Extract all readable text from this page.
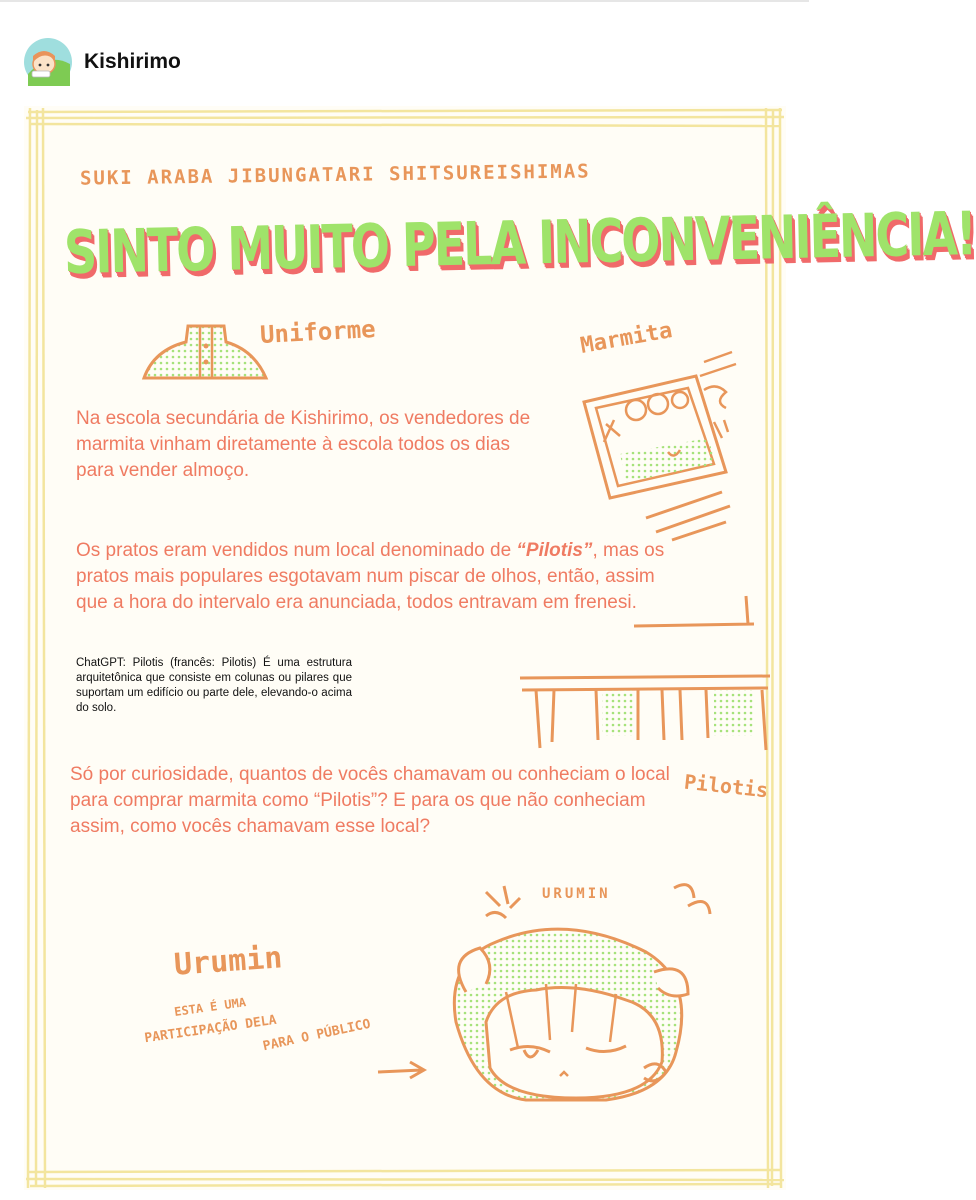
Kishirimo
SUKI ARABA JIBUNGATARI SHITSUREISHIMAS
SINTO MUITO PELA INCONVENIÊNCIA!
Uniforme	Marmita
Na escola secundária de Kishirimo, os vendedores de marmita vinham diretamente à escola todos os dias para vender almoço.
Os pratos eram vendidos num local denominado de “Pilotis”, mas os pratos mais populares esgotavam num piscar de olhos, então, assim que a hora do intervalo era anunciada, todos entravam em frenesi.
ChatGPT: Pilotis (francês: Pilotis) É uma estrutura arquitetônica que consiste em colunas ou pilares que suportam um edifício ou parte dele, elevando-o acima do solo.
Pilotis
Só por curiosidade, quantos de vocês chamavam ou conheciam o local para comprar marmita como “Pilotis”? E para os que não conheciam assim, como vocês chamavam esse local?
URUMIN
Urumin
ESTA É UMA
PARTICIPAÇÃO DELA
PARA O PÚBLICO
